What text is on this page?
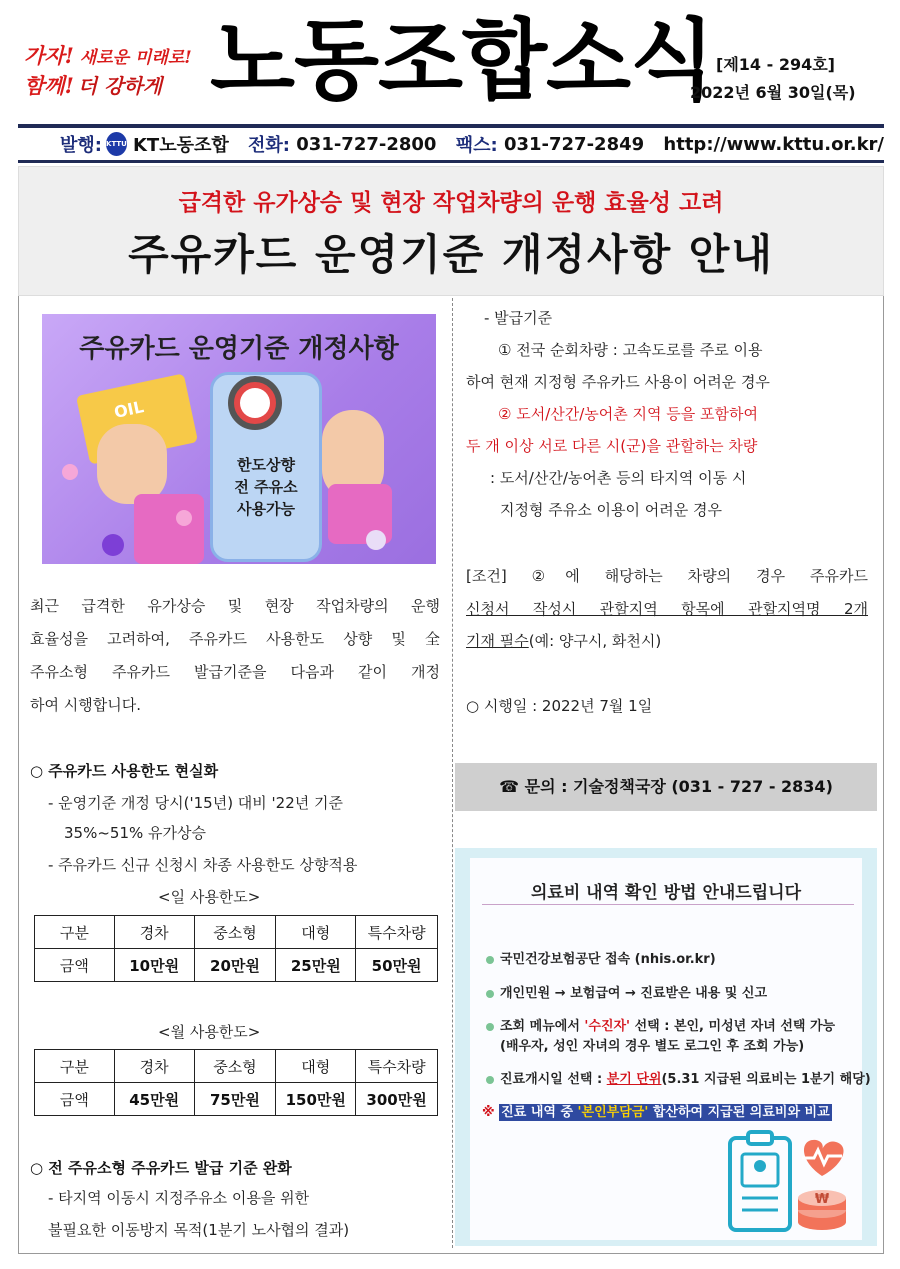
가자! 새로운 미래로!
함께! 더 강하게 노동조합소식 [제14 - 294호]
2022년 6월 30일(목)
발행: KTTU KT노동조합 전화:
031-727-2800 팩스:
031-727-2849 http://www.kttu.or.kr/
급격한 유가상승 및 현장 작업차량의 운행 효율성 고려
주유카드 운영기준 개정사항 안내
주유카드 운영기준 개정사항
OIL
한도상향
전 주유소
사용가능
최근 급격한 유가상승 및 현장 작업차량의 운행
효율성을 고려하여, 주유카드 사용한도 상향 및 全
주유소형 주유카드 발급기준을 다음과 같이 개정
하여 시행합니다.
○ 주유카드 사용한도 현실화
- 운영기준 개정 당시('15년) 대비 '22년 기준
35%~51% 유가상승
- 주유카드 신규 신청시 차종 사용한도 상향적용
<일 사용한도>
구분	경차	중소형	대형	특수차량
금액	10만원	20만원	25만원	50만원
<월 사용한도>
구분	경차	중소형	대형	특수차량
금액	45만원	75만원	150만원	300만원
○ 전 주유소형 주유카드 발급 기준 완화
- 타지역 이동시 지정주유소 이용을 위한
불필요한 이동방지 목적(1분기 노사협의 결과)
- 발급기준
① 전국 순회차량 : 고속도로를 주로 이용
하여 현재 지정형 주유카드 사용이 어려운 경우
② 도서/산간/농어촌 지역 등을 포함하여
두 개 이상 서로 다른 시(군)을 관할하는 차량
: 도서/산간/농어촌 등의 타지역 이동 시
지정형 주유소 이용이 어려운 경우
[조건] ②에 해당하는 차량의 경우 주유카드
신청서 작성시 관할지역 항목에 관할지역명 2개
기재 필수(예: 양구시, 화천시)
○ 시행일 : 2022년 7월 1일
☎ 문의 : 기술정책국장 (031 - 727 - 2834)
의료비 내역 확인 방법 안내드립니다
국민건강보험공단 접속 (nhis.or.kr)
개인민원 → 보험급여 → 진료받은 내용 및 신고
조회 메뉴에서 '수진자' 선택 : 본인, 미성년 자녀 선택 가능
(배우자, 성인 자녀의 경우 별도 로그인 후 조회 가능)
진료개시일 선택 : 분기 단위(5.31 지급된 의료비는 1분기 해당)
※ 진료 내역 중 '본인부담금' 합산하여 지급된 의료비와 비교
₩
